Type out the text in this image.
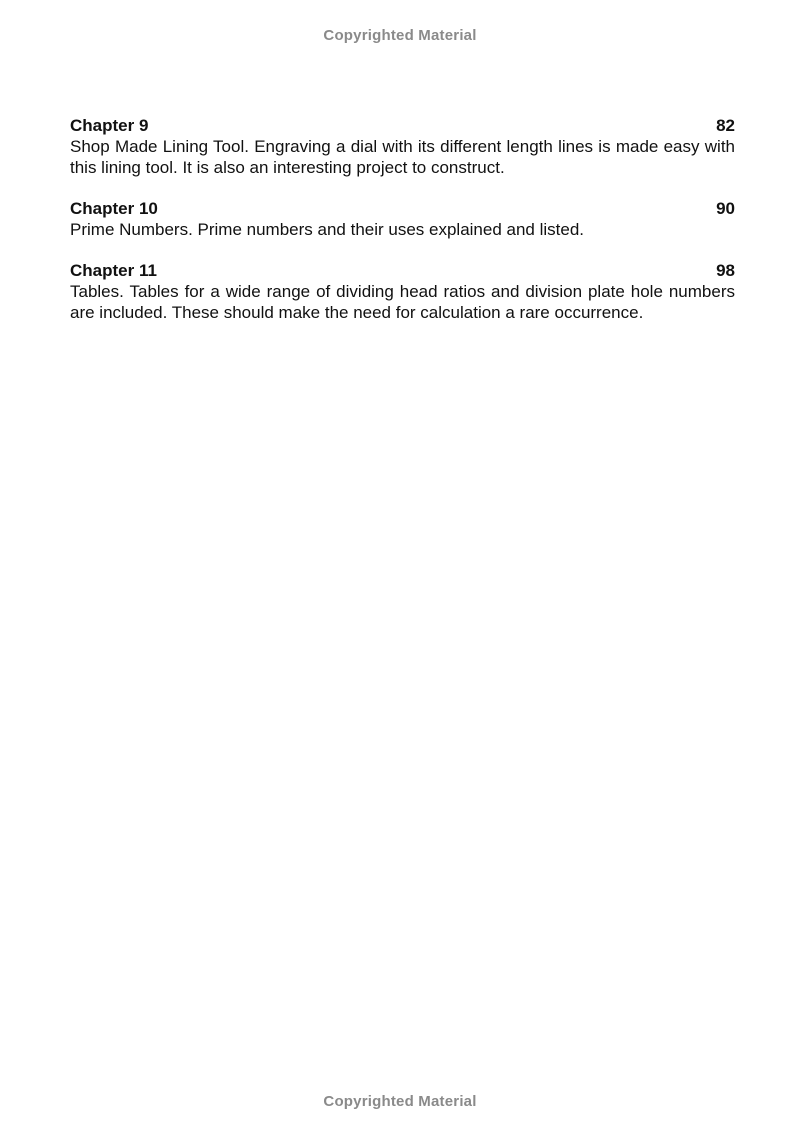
Copyrighted Material
Chapter 9	82

Shop Made Lining Tool. Engraving a dial with its different length lines is made easy with this lining tool. It is also an interesting project to construct.

Chapter 10	90

Prime Numbers. Prime numbers and their uses explained and listed.

Chapter 11	98

Tables. Tables for a wide range of dividing head ratios and division plate hole numbers are included. These should make the need for calculation a rare occurrence.

Copyrighted Material
